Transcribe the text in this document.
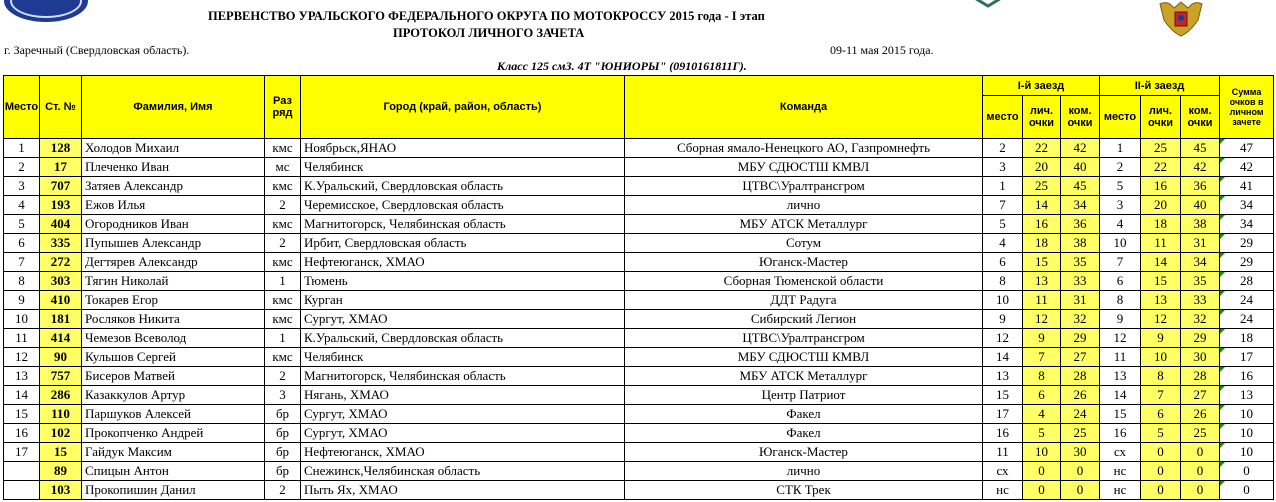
ПЕРВЕНСТВО УРАЛЬСКОГО ФЕДЕРАЛЬНОГО ОКРУГА ПО МОТОКРОССУ 2015 года - I этап
ПРОТОКОЛ ЛИЧНОГО ЗАЧЕТА
г. Заречный (Свердловская область).	09-11 мая 2015 года.
Класс 125 смЗ. 4Т "ЮНИОРЫ" (0910161811Г).
Место	Ст. №	Фамилия, Имя	Раз ряд	Город (край, район, область)	Команда	I-й заезд			II-й заезд			Сумма очков в личном зачете
						место	лич. очки	ком. очки	место	лич. очки	ком. очки	
1	128	Холодов Михаил	кмс	Ноябрьск,ЯНАО	Сборная ямало-Ненецкого АО, Газпромнефть	2	22	42	1	25	45	47
2	17	Плеченко Иван	мс	Челябинск	МБУ СДЮСТШ КМВЛ	3	20	40	2	22	42	42
3	707	Затяев Александр	кмс	К.Уральский, Свердловская область	ЦТВС\Уралтрансгром	1	25	45	5	16	36	41
4	193	Ежов Илья	2	Черемисское, Свердловская область	лично	7	14	34	3	20	40	34
5	404	Огородников Иван	кмс	Магнитогорск, Челябинская область	МБУ АТСК Металлург	5	16	36	4	18	38	34
6	335	Пупышев Александр	2	Ирбит, Свердловская область	Сотум	4	18	38	10	11	31	29
7	272	Дегтярев Александр	кмс	Нефтеюганск, ХМАО	Юганск-Мастер	6	15	35	7	14	34	29
8	303	Тягин Николай	1	Тюмень	Сборная Тюменской области	8	13	33	6	15	35	28
9	410	Токарев Егор	кмс	Курган	ДДТ Радуга	10	11	31	8	13	33	24
10	181	Росляков Никита	кмс	Сургут, ХМАО	Сибирский Легион	9	12	32	9	12	32	24
11	414	Чемезов Всеволод	1	К.Уральский, Свердловская область	ЦТВС\Уралтрансгром	12	9	29	12	9	29	18
12	90	Кульшов Сергей	кмс	Челябинск	МБУ СДЮСТШ КМВЛ	14	7	27	11	10	30	17
13	757	Бисеров Матвей	2	Магнитогорск, Челябинская область	МБУ АТСК Металлург	13	8	28	13	8	28	16
14	286	Казаккулов Артур	3	Нягань, ХМАО	Центр Патриот	15	6	26	14	7	27	13
15	110	Паршуков Алексей	бр	Сургут, ХМАО	Факел	17	4	24	15	6	26	10
16	102	Прокопченко Андрей	бр	Сургут, ХМАО	Факел	16	5	25	16	5	25	10
17	15	Гайдук Максим	бр	Нефтеюганск, ХМАО	Юганск-Мастер	11	10	30	сх	0	0	10
	89	Спицын Антон	бр	Снежинск,Челябинская область	лично	сх	0	0	нс	0	0	0
	103	Прокопишин Данил	2	Пыть Ях, ХМАО	СТК Трек	нс	0	0	нс	0	0	0
